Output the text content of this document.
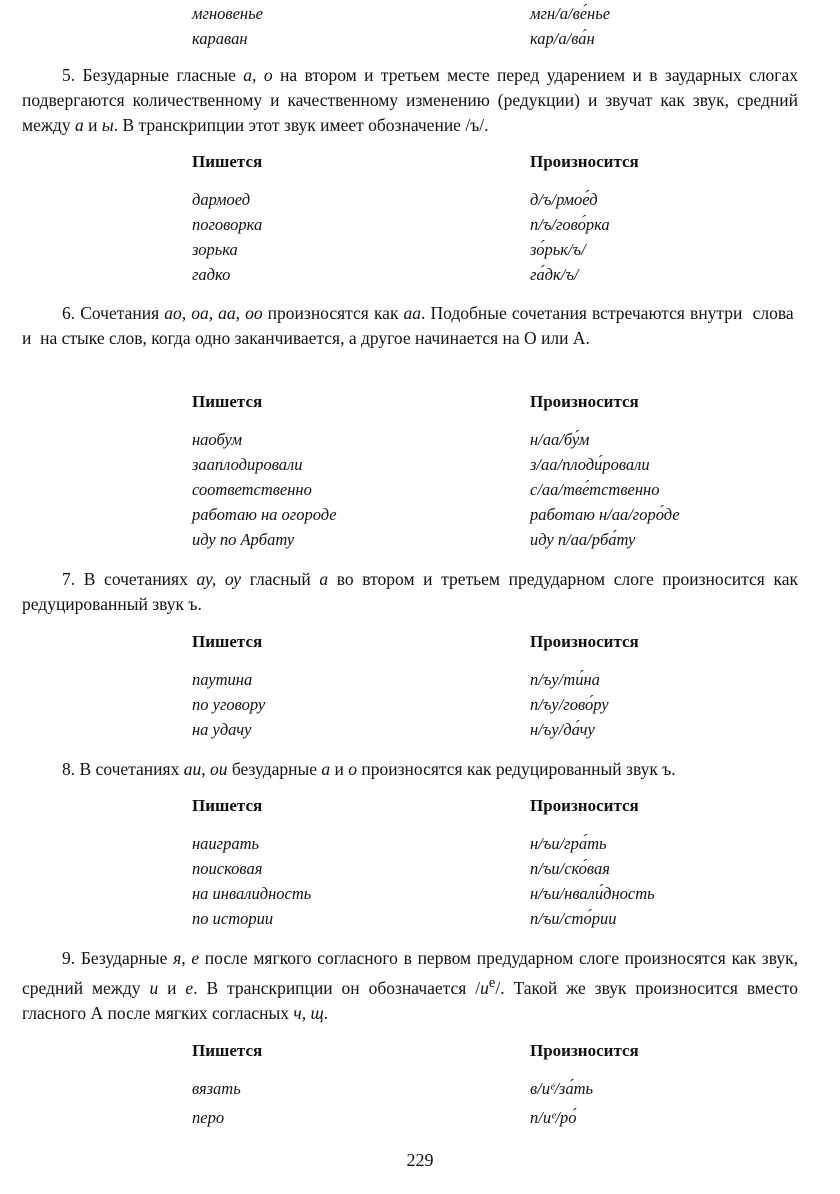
мгновенье	мгн/а/ве́нье
караван	кар/а/ва́н
5. Безударные гласные а, о на втором и третьем месте перед ударением и в заударных слогах подвергаются количественному и качественному изменению (редукции) и звучат как звук, средний между а и ы. В транскрипции этот звук имеет обозначение /ъ/.
Пишется	Произносится
дармоед	д/ъ/рмое́д
поговорка	п/ъ/гово́рка
зорька	зо́рьк/ъ/
гадко	га́дк/ъ/
6. Сочетания ао, оа, аа, оо произносятся как аа. Подобные сочетания встречаются внутри  слова  и  на стыке слов, когда одно заканчивается, а другое начинается на О или А.
Пишется	Произносится
наобум	н/аа/бу́м
зааплодировали	з/аа/плоди́ровали
соответственно	с/аа/тве́тственно
работаю на огороде	работаю н/аа/горо́де
иду по Арбату	иду п/аа/рба́ту
7. В сочетаниях ау, оу гласный а во втором и третьем предударном слоге произносится как редуцированный звук ъ.
Пишется	Произносится
паутина	п/ъу/ти́на
по уговору	п/ъу/гово́ру
на удачу	н/ъу/да́чу
8. В сочетаниях аи, ои безударные а и о произносятся как редуцированный звук ъ.
Пишется	Произносится
наиграть	н/ъи/гра́ть
поисковая	п/ъи/ско́вая
на инвалидность	н/ъи/нвали́дность
по истории	п/ъи/сто́рии
9. Безударные я, е после мягкого согласного в первом предударном слоге произносятся как звук, средний между и и е. В транскрипции он обозначается $/и^е/$. Такой же звук произносится вместо гласного А после мягких согласных ч, щ.
Пишется	Произносится
вязать	в/иᵉ/за́ть
перо	п/иᵉ/ро́
229
